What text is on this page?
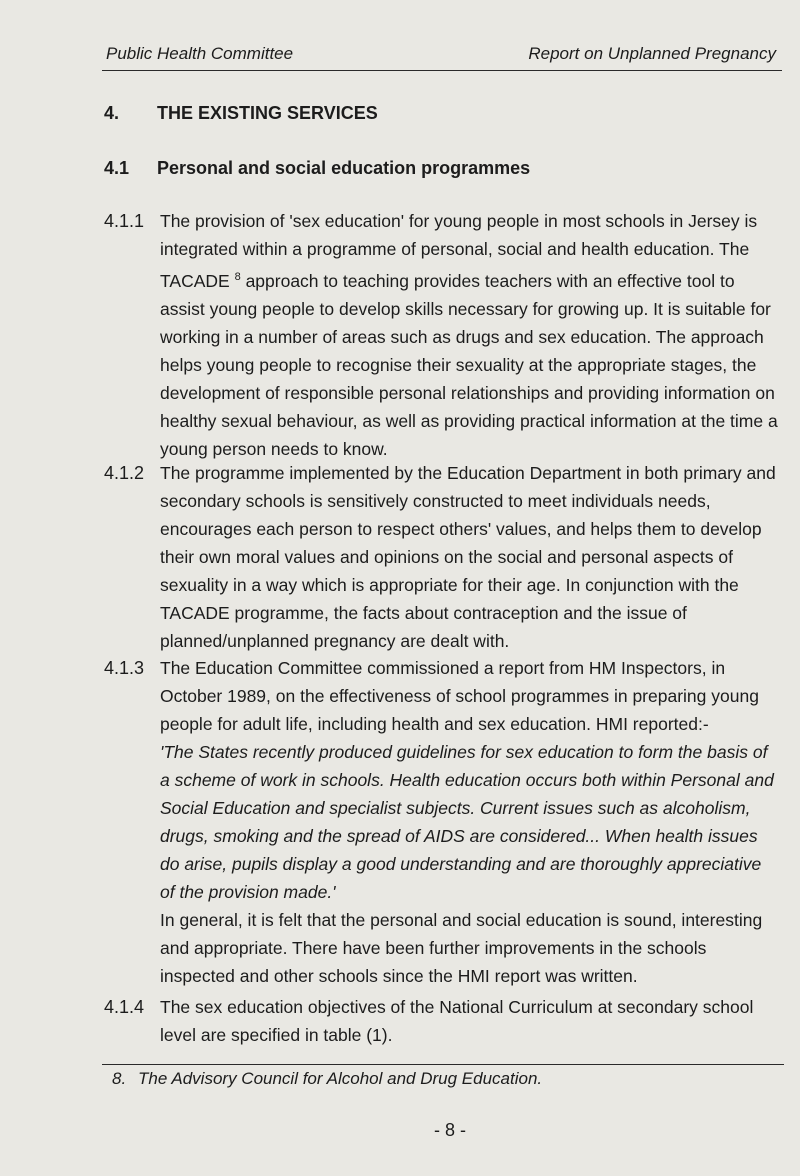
Public Health Committee	Report on Unplanned Pregnancy
4. THE EXISTING SERVICES
4.1 Personal and social education programmes
4.1.1 The provision of 'sex education' for young people in most schools in Jersey is integrated within a programme of personal, social and health education. The TACADE $^8$ approach to teaching provides teachers with an effective tool to assist young people to develop skills necessary for growing up. It is suitable for working in a number of areas such as drugs and sex education. The approach helps young people to recognise their sexuality at the appropriate stages, the development of responsible personal relationships and providing information on healthy sexual behaviour, as well as providing practical information at the time a young person needs to know.
4.1.2 The programme implemented by the Education Department in both primary and secondary schools is sensitively constructed to meet individuals needs, encourages each person to respect others' values, and helps them to develop their own moral values and opinions on the social and personal aspects of sexuality in a way which is appropriate for their age. In conjunction with the TACADE programme, the facts about contraception and the issue of planned/unplanned pregnancy are dealt with.
4.1.3 The Education Committee commissioned a report from HM Inspectors, in October 1989, on the effectiveness of school programmes in preparing young people for adult life, including health and sex education. HMI reported:-

'The States recently produced guidelines for sex education to form the basis of a scheme of work in schools. Health education occurs both within Personal and Social Education and specialist subjects. Current issues such as alcoholism, drugs, smoking and the spread of AIDS are considered... When health issues do arise, pupils display a good understanding and are thoroughly appreciative of the provision made.'

In general, it is felt that the personal and social education is sound, interesting and appropriate. There have been further improvements in the schools inspected and other schools since the HMI report was written.

4.1.4 The sex education objectives of the National Curriculum at secondary school level are specified in table (1).
8. The Advisory Council for Alcohol and Drug Education.
- 8 -
